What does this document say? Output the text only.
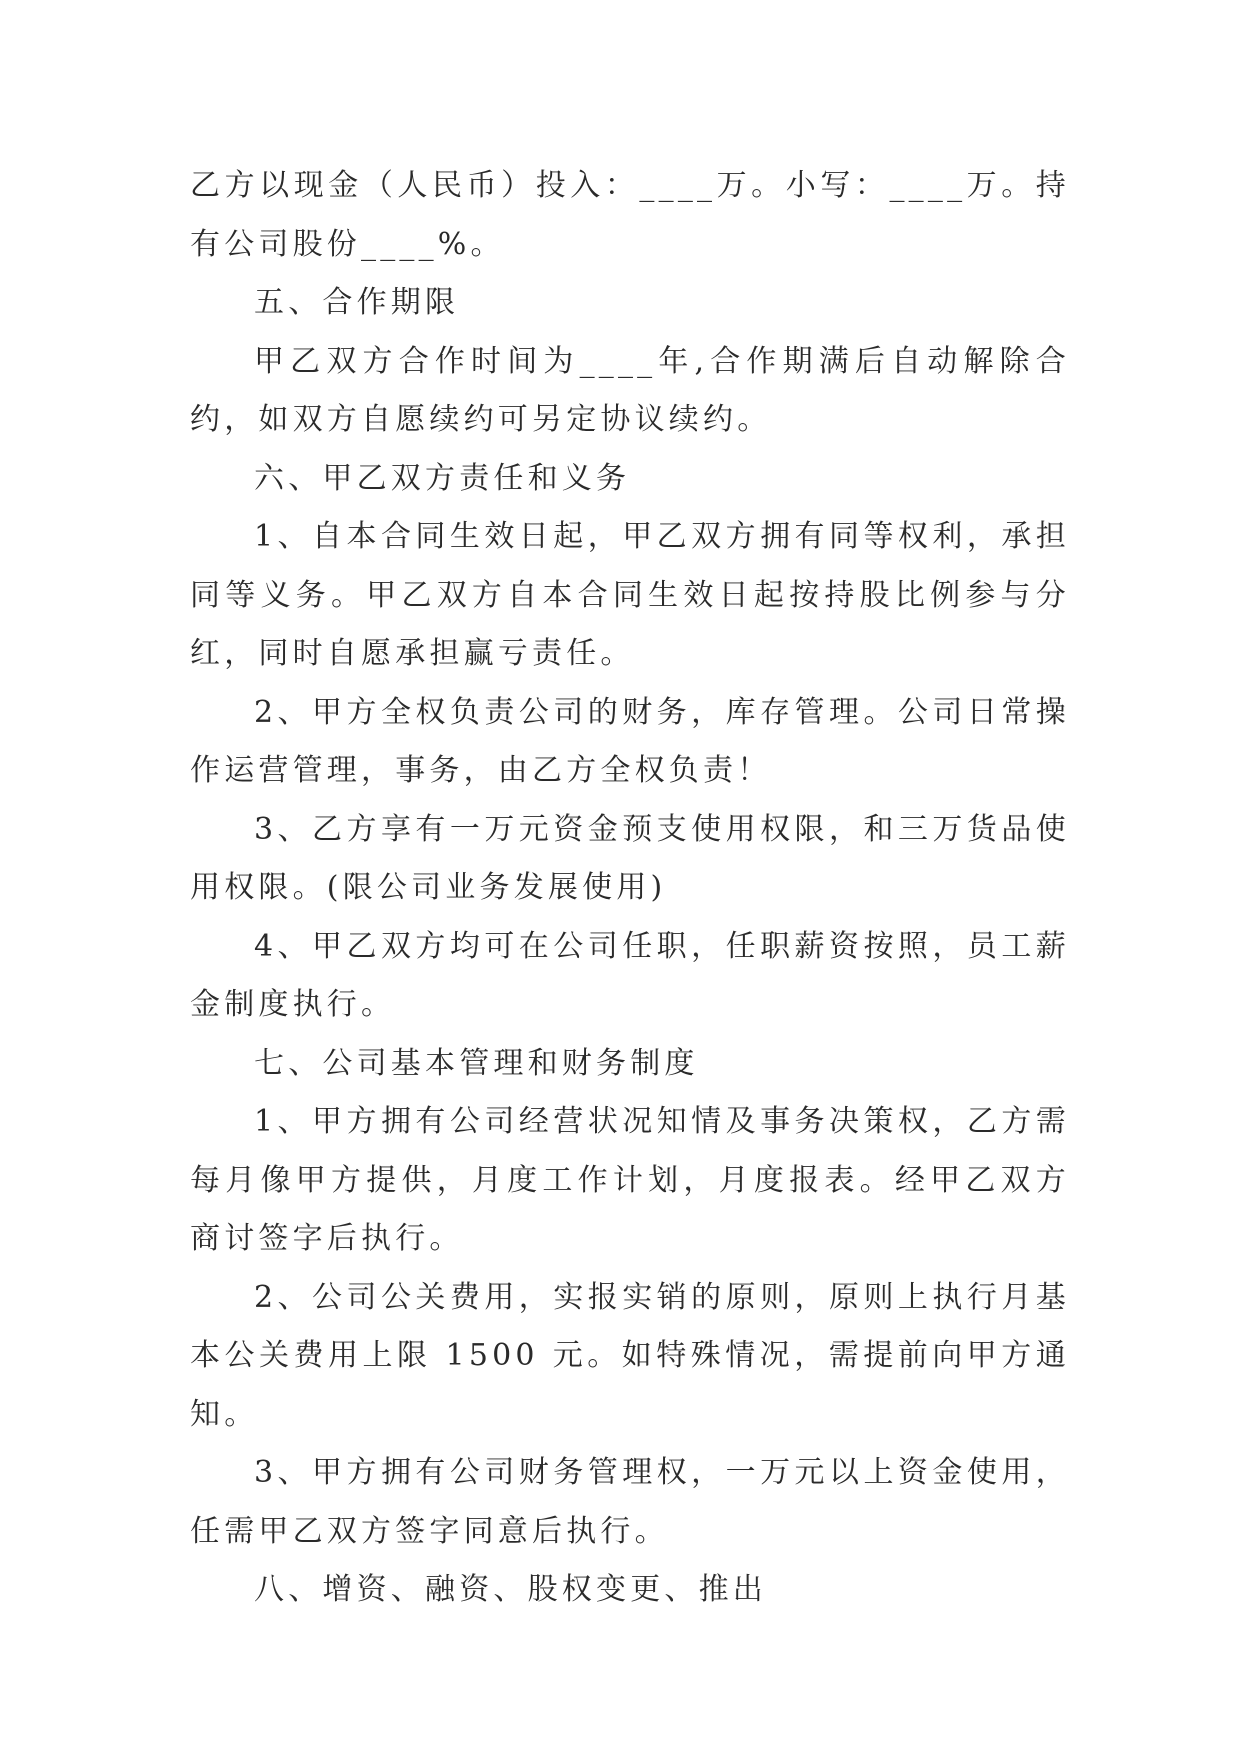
乙方以现金（人民币）投入：____万。小写：____万。持有公司股份____%。

五、合作期限

甲乙双方合作时间为____年,合作期满后自动解除合约，如双方自愿续约可另定协议续约。

六、甲乙双方责任和义务

1、自本合同生效日起，甲乙双方拥有同等权利，承担同等义务。甲乙双方自本合同生效日起按持股比例参与分红，同时自愿承担赢亏责任。

2、甲方全权负责公司的财务，库存管理。公司日常操作运营管理，事务，由乙方全权负责！

3、乙方享有一万元资金预支使用权限，和三万货品使用权限。(限公司业务发展使用)

4、甲乙双方均可在公司任职，任职薪资按照，员工薪金制度执行。

七、公司基本管理和财务制度

1、甲方拥有公司经营状况知情及事务决策权，乙方需每月像甲方提供，月度工作计划，月度报表。经甲乙双方商讨签字后执行。

2、公司公关费用，实报实销的原则，原则上执行月基本公关费用上限 1500 元。如特殊情况，需提前向甲方通知。

3、甲方拥有公司财务管理权，一万元以上资金使用，任需甲乙双方签字同意后执行。

八、增资、融资、股权变更、推出
